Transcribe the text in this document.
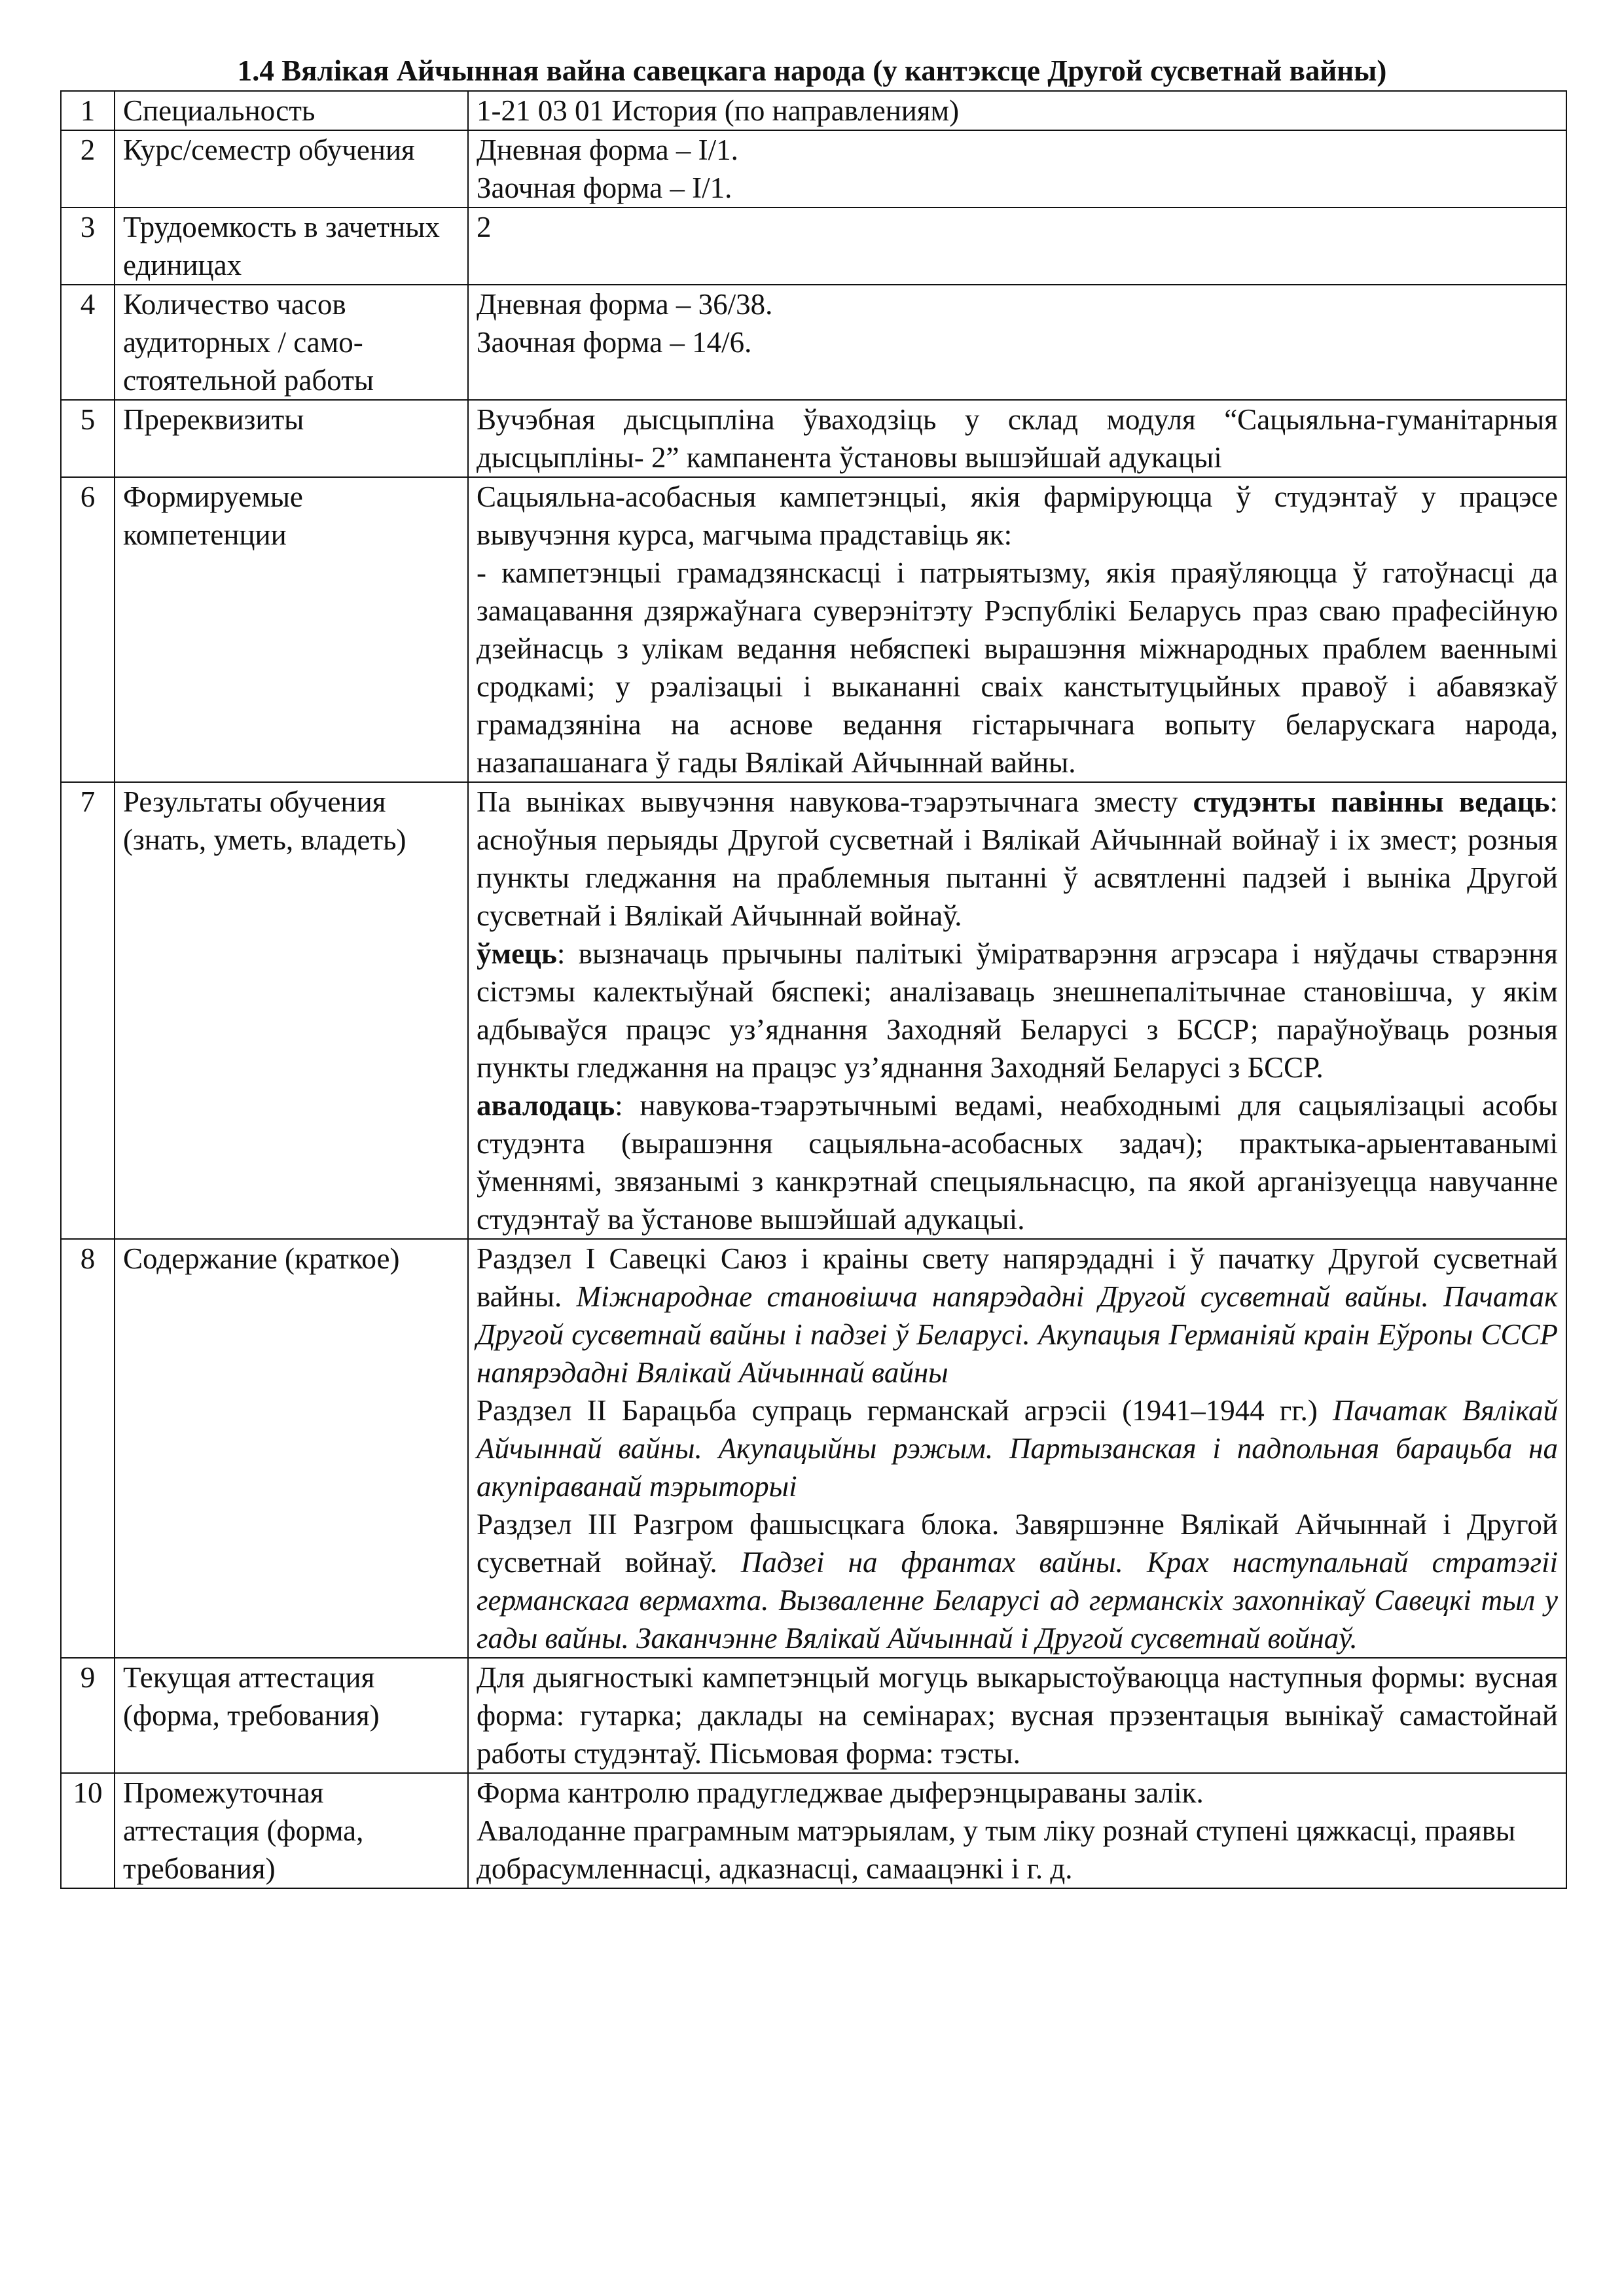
1.4 Вялікая Айчынная вайна савецкага народа (у кантэксце Другой сусветнай вайны)
1	Специальность	1-21 03 01 История (по направлениям)
2	Курс/семестр обучения	Дневная форма – I/1.
Заочная форма – I/1.

3	Трудоемкость в зачетных единицах	2
4	Количество часов аудиторных / само-стоятельной работы	Дневная форма – 36/38.
Заочная форма – 14/6.

5	Пререквизиты	Вучэбная дысцыпліна ўваходзіць у склад модуля “Сацыяльна-гуманітарныя дысцыпліны- 2” кампанента ўстановы вышэйшай адукацыі
6	Формируемые компетенции	Сацыяльна-асобасныя кампетэнцыі, якія фарміруюцца ў студэнтаў у працэсе вывучэння курса, магчыма прадставіць як:
- кампетэнцыі грамадзянскасці і патрыятызму, якія праяўляюцца ў гатоўнасці да замацавання дзяржаўнага суверэнітэту Рэспублікі Беларусь праз сваю прафесійную дзейнасць з улікам ведання небяспекі вырашэння міжнародных праблем ваеннымі сродкамі; у рэалізацыі і выкананні сваіх канстытуцыйных правоў і абавязкаў грамадзяніна на аснове ведання гістарычнага вопыту беларускага народа, назапашанага ў гады Вялікай Айчыннай вайны.

7	Результаты обучения (знать, уметь, владеть)	Па выніках вывучэння навукова-тэарэтычнага зместу студэнты павінны ведаць: асноўныя перыяды Другой сусветнай і Вялікай Айчыннай войнаў і іх змест; розныя пункты гледжання на праблемныя пытанні ў асвятленні падзей і выніка Другой сусветнай і Вялікай Айчыннай войнаў.
ўмець: вызначаць прычыны палітыкі ўміратварэння агрэсара і няўдачы стварэння сістэмы калектыўнай бяспекі; аналізаваць знешнепалітычнае становішча, у якім адбываўся працэс уз’яднання Заходняй Беларусі з БССР; параўноўваць розныя пункты гледжання на працэс уз’яднання Заходняй Беларусі з БССР.
авалодаць: навукова-тэарэтычнымі ведамі, неабходнымі для сацыялізацыі асобы студэнта (вырашэння сацыяльна-асобасных задач); практыка-арыентаванымі ўменнямі, звязанымі з канкрэтнай спецыяльнасцю, па якой арганізуецца навучанне студэнтаў ва ўстанове вышэйшай адукацыі.

8	Содержание (краткое)	Раздзел I Савецкі Саюз і краіны свету напярэдадні і ў пачатку Другой сусветнай вайны. Міжнароднае становішча напярэдадні Другой сусветнай вайны. Пачатак Другой сусветнай вайны і падзеі ў Беларусі. Акупацыя Германіяй краін Еўропы СССР напярэдадні Вялікай Айчыннай вайны
Раздзел II Барацьба супраць германскай агрэсіі (1941–1944 гг.) Пачатак Вялікай Айчыннай вайны. Акупацыйны рэжым. Партызанская і падпольная барацьба на акупіраванай тэрыторыі
Раздзел III Разгром фашысцкага блока. Завяршэнне Вялікай Айчыннай і Другой сусветнай войнаў. Падзеі на франтах вайны. Крах наступальнай стратэгіі германскага вермахта. Вызваленне Беларусі ад германскіх захопнікаў Савецкі тыл у гады вайны. Заканчэнне Вялікай Айчыннай і Другой сусветнай войнаў.

9	Текущая аттестация (форма, требования)	Для дыягностыкі кампетэнцый могуць выкарыстоўваюцца наступныя формы: вусная форма: гутарка; даклады на семінарах; вусная прэзентацыя вынікаў самастойнай работы студэнтаў. Пісьмовая форма: тэсты.
10	Промежуточная аттестация (форма, требования)	Форма кантролю прадугледжвае дыферэнцыраваны залік.
Авалоданне праграмным матэрыялам, у тым ліку рознай ступені цяжкасці, праявы добрасумленнасці, адказнасці, самаацэнкі і г. д.
